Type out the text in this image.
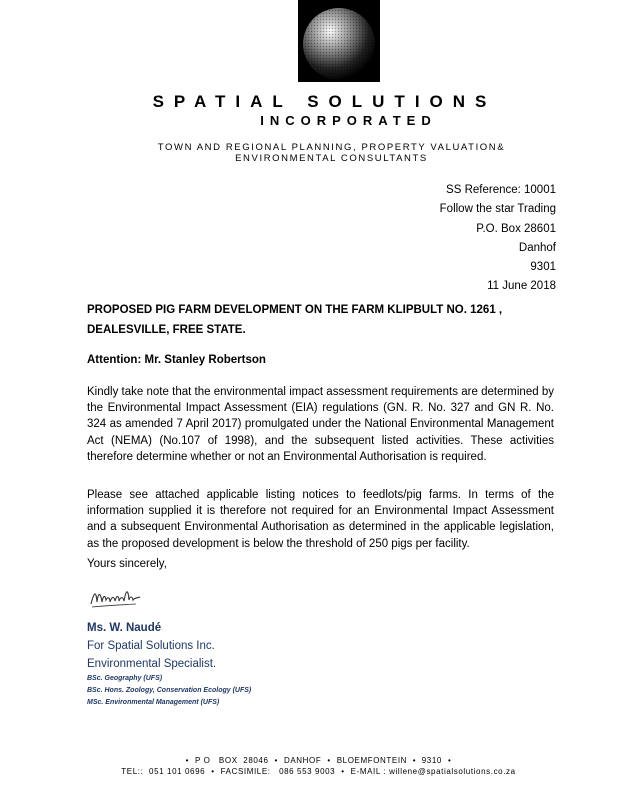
SPATIAL SOLUTIONS
INCORPORATED
TOWN AND REGIONAL PLANNING, PROPERTY VALUATION&
ENVIRONMENTAL CONSULTANTS
SS Reference: 10001
Follow the star Trading
P.O. Box 28601
Danhof
9301
11 June 2018
PROPOSED PIG FARM DEVELOPMENT ON THE FARM KLIPBULT NO. 1261 ,
DEALESVILLE, FREE STATE.
Attention: Mr. Stanley Robertson
Kindly take note that the environmental impact assessment requirements are determined by the Environmental Impact Assessment (EIA) regulations (GN. R. No. 327 and GN R. No. 324 as amended 7 April 2017) promulgated under the National Environmental Management Act (NEMA) (No.107 of 1998), and the subsequent listed activities. These activities therefore determine whether or not an Environmental Authorisation is required.
Please see attached applicable listing notices to feedlots/pig farms. In terms of the information supplied it is therefore not required for an Environmental Impact Assessment and a subsequent Environmental Authorisation as determined in the applicable legislation, as the proposed development is below the threshold of 250 pigs per facility.
Yours sincerely,
Ms. W. Naudé
For Spatial Solutions Inc.
Environmental Specialist.
BSc. Geography (UFS)
BSc. Hons. Zoology, Conservation Ecology (UFS)
MSc. Environmental Management (UFS)
• P O   BOX  28046 • DANHOF • BLOEMFONTEIN  •  9310 •
TEL::  051 101 0696 • FACSIMILE:   086 553 9003 • E-MAIL : willene@spatialsolutions.co.za
